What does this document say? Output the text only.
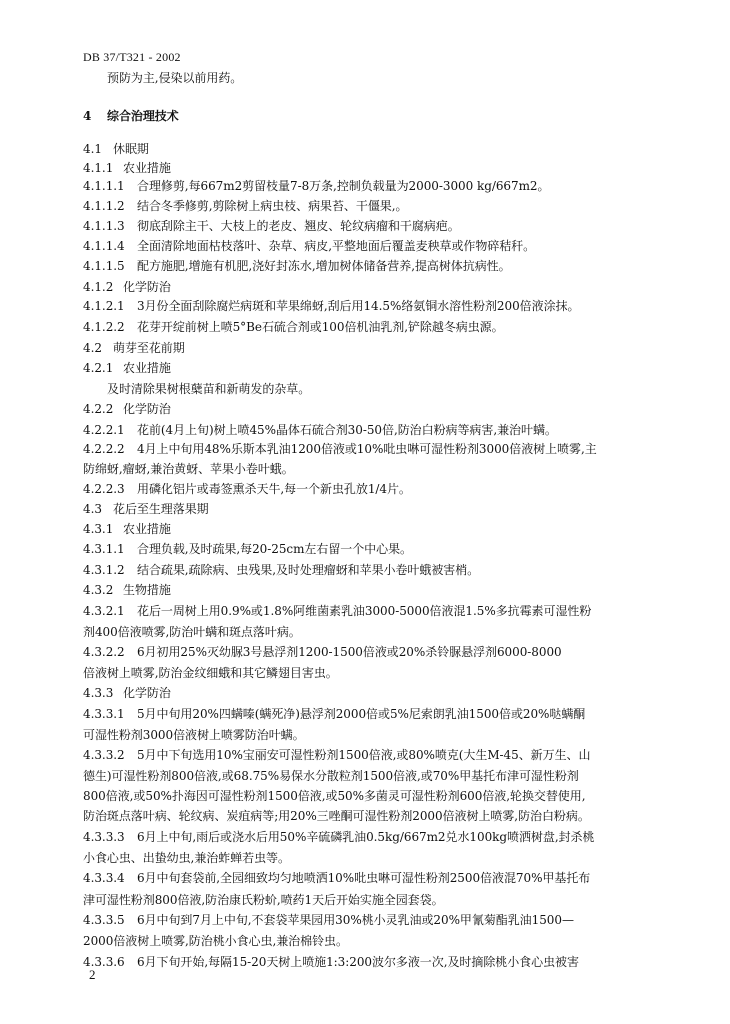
DB 37/T321 - 2002
预防为主,侵染以前用药。
4 综合治理技术
4.1 休眠期
4.1.1 农业措施
4.1.1.1 合理修剪,每667m2剪留枝量7-8万条,控制负载量为2000-3000 kg/667m2。
4.1.1.2 结合冬季修剪,剪除树上病虫枝、病果苔、干僵果,。
4.1.1.3 彻底刮除主干、大枝上的老皮、翘皮、轮纹病瘤和干腐病疤。
4.1.1.4 全面清除地面枯枝落叶、杂草、病皮,平整地面后覆盖麦秧草或作物碎秸秆。
4.1.1.5 配方施肥,增施有机肥,浇好封冻水,增加树体储备营养,提高树体抗病性。
4.1.2 化学防治
4.1.2.1 3月份全面刮除腐烂病斑和苹果绵蚜,刮后用14.5%络氨铜水溶性粉剂200倍液涂抹。
4.1.2.2 花芽开绽前树上喷5°Be石硫合剂或100倍机油乳剂,铲除越冬病虫源。
4.2 萌芽至花前期
4.2.1 农业措施
及时清除果树根蘖苗和新萌发的杂草。
4.2.2 化学防治
4.2.2.1 花前(4月上旬)树上喷45%晶体石硫合剂30-50倍,防治白粉病等病害,兼治叶螨。
4.2.2.2 4月上中旬用48%乐斯本乳油1200倍液或10%吡虫啉可湿性粉剂3000倍液树上喷雾,主
防绵蚜,瘤蚜,兼治黄蚜、苹果小卷叶蛾。
4.2.2.3 用磷化铝片或毒签熏杀天牛,每一个新虫孔放1/4片。
4.3 花后至生理落果期
4.3.1 农业措施
4.3.1.1 合理负载,及时疏果,每20-25cm左右留一个中心果。
4.3.1.2 结合疏果,疏除病、虫残果,及时处理瘤蚜和苹果小卷叶蛾被害梢。
4.3.2 生物措施
4.3.2.1 花后一周树上用0.9%或1.8%阿维菌素乳油3000-5000倍液混1.5%多抗霉素可湿性粉
剂400倍液喷雾,防治叶螨和斑点落叶病。
4.3.2.2 6月初用25%灭幼脲3号悬浮剂1200-1500倍液或20%杀铃脲悬浮剂6000-8000
倍液树上喷雾,防治金纹细蛾和其它鳞翅目害虫。
4.3.3 化学防治
4.3.3.1 5月中旬用20%四螨嗪(螨死净)悬浮剂2000倍或5%尼索朗乳油1500倍或20%哒螨酮
可湿性粉剂3000倍液树上喷雾防治叶螨。
4.3.3.2 5月中下旬选用10%宝丽安可湿性粉剂1500倍液,或80%喷克(大生M-45、新万生、山
德生)可湿性粉剂800倍液,或68.75%易保水分散粒剂1500倍液,或70%甲基托布津可湿性粉剂
800倍液,或50%扑海因可湿性粉剂1500倍液,或50%多菌灵可湿性粉剂600倍液,轮换交替使用,
防治斑点落叶病、轮纹病、炭疽病等;用20%三唑酮可湿性粉剂2000倍液树上喷雾,防治白粉病。
4.3.3.3 6月上中旬,雨后或浇水后用50%辛硫磷乳油0.5kg/667m2兑水100kg喷洒树盘,封杀桃
小食心虫、出蛰幼虫,兼治蚱蝉若虫等。
4.3.3.4 6月中旬套袋前,全园细致均匀地喷洒10%吡虫啉可湿性粉剂2500倍液混70%甲基托布
津可湿性粉剂800倍液,防治康氏粉蚧,喷药1天后开始实施全园套袋。
4.3.3.5 6月中旬到7月上中旬,不套袋苹果园用30%桃小灵乳油或20%甲氰菊酯乳油1500—
2000倍液树上喷雾,防治桃小食心虫,兼治棉铃虫。
4.3.3.6 6月下旬开始,每隔15-20天树上喷施1:3:200波尔多液一次,及时摘除桃小食心虫被害
2
